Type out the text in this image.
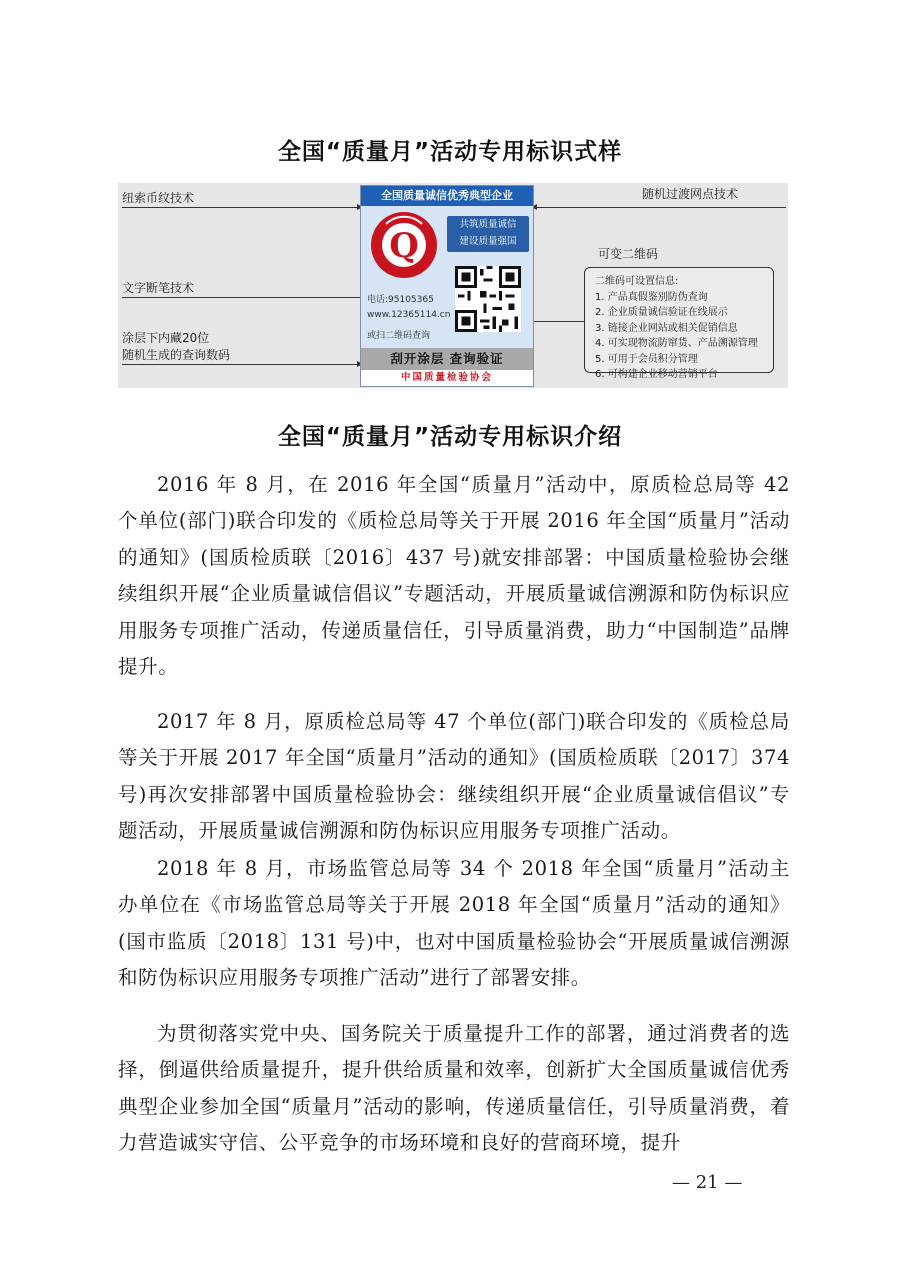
全国“质量月”活动专用标识式样
纽索币纹技术
文字断笔技术
涂层下内藏20位
随机生成的查询数码
随机过渡网点技术
可变二维码
全国质量诚信优秀典型企业
Q
共筑质量诚信
建设质量强国
电话:95105365
www.12365114.cn
或扫二维码查询
刮开涂层 查询验证
中国质量检验协会
二维码可设置信息:
1. 产品真假鉴别防伪查询
2. 企业质量诚信验证在线展示
3. 链接企业网站或相关促销信息
4. 可实现物流防窜货、产品溯源管理
5. 可用于会员积分管理
6. 可构建企业移动营销平台
全国“质量月”活动专用标识介绍

2016 年 8 月，在 2016 年全国“质量月”活动中，原质检总局等 42 个单位(部门)联合印发的《质检总局等关于开展 2016 年全国“质量月”活动的通知》(国质检质联〔2016〕437 号)就安排部署：中国质量检验协会继续组织开展“企业质量诚信倡议”专题活动，开展质量诚信溯源和防伪标识应用服务专项推广活动，传递质量信任，引导质量消费，助力“中国制造”品牌提升。

2017 年 8 月，原质检总局等 47 个单位(部门)联合印发的《质检总局等关于开展 2017 年全国“质量月”活动的通知》(国质检质联〔2017〕374 号)再次安排部署中国质量检验协会：继续组织开展“企业质量诚信倡议”专题活动，开展质量诚信溯源和防伪标识应用服务专项推广活动。

2018 年 8 月，市场监管总局等 34 个 2018 年全国“质量月”活动主办单位在《市场监管总局等关于开展 2018 年全国“质量月”活动的通知》(国市监质〔2018〕131 号)中，也对中国质量检验协会“开展质量诚信溯源和防伪标识应用服务专项推广活动”进行了部署安排。

为贯彻落实党中央、国务院关于质量提升工作的部署，通过消费者的选择，倒逼供给质量提升，提升供给质量和效率，创新扩大全国质量诚信优秀典型企业参加全国“质量月”活动的影响，传递质量信任，引导质量消费，着力营造诚实守信、公平竞争的市场环境和良好的营商环境，提升

— 21 —
